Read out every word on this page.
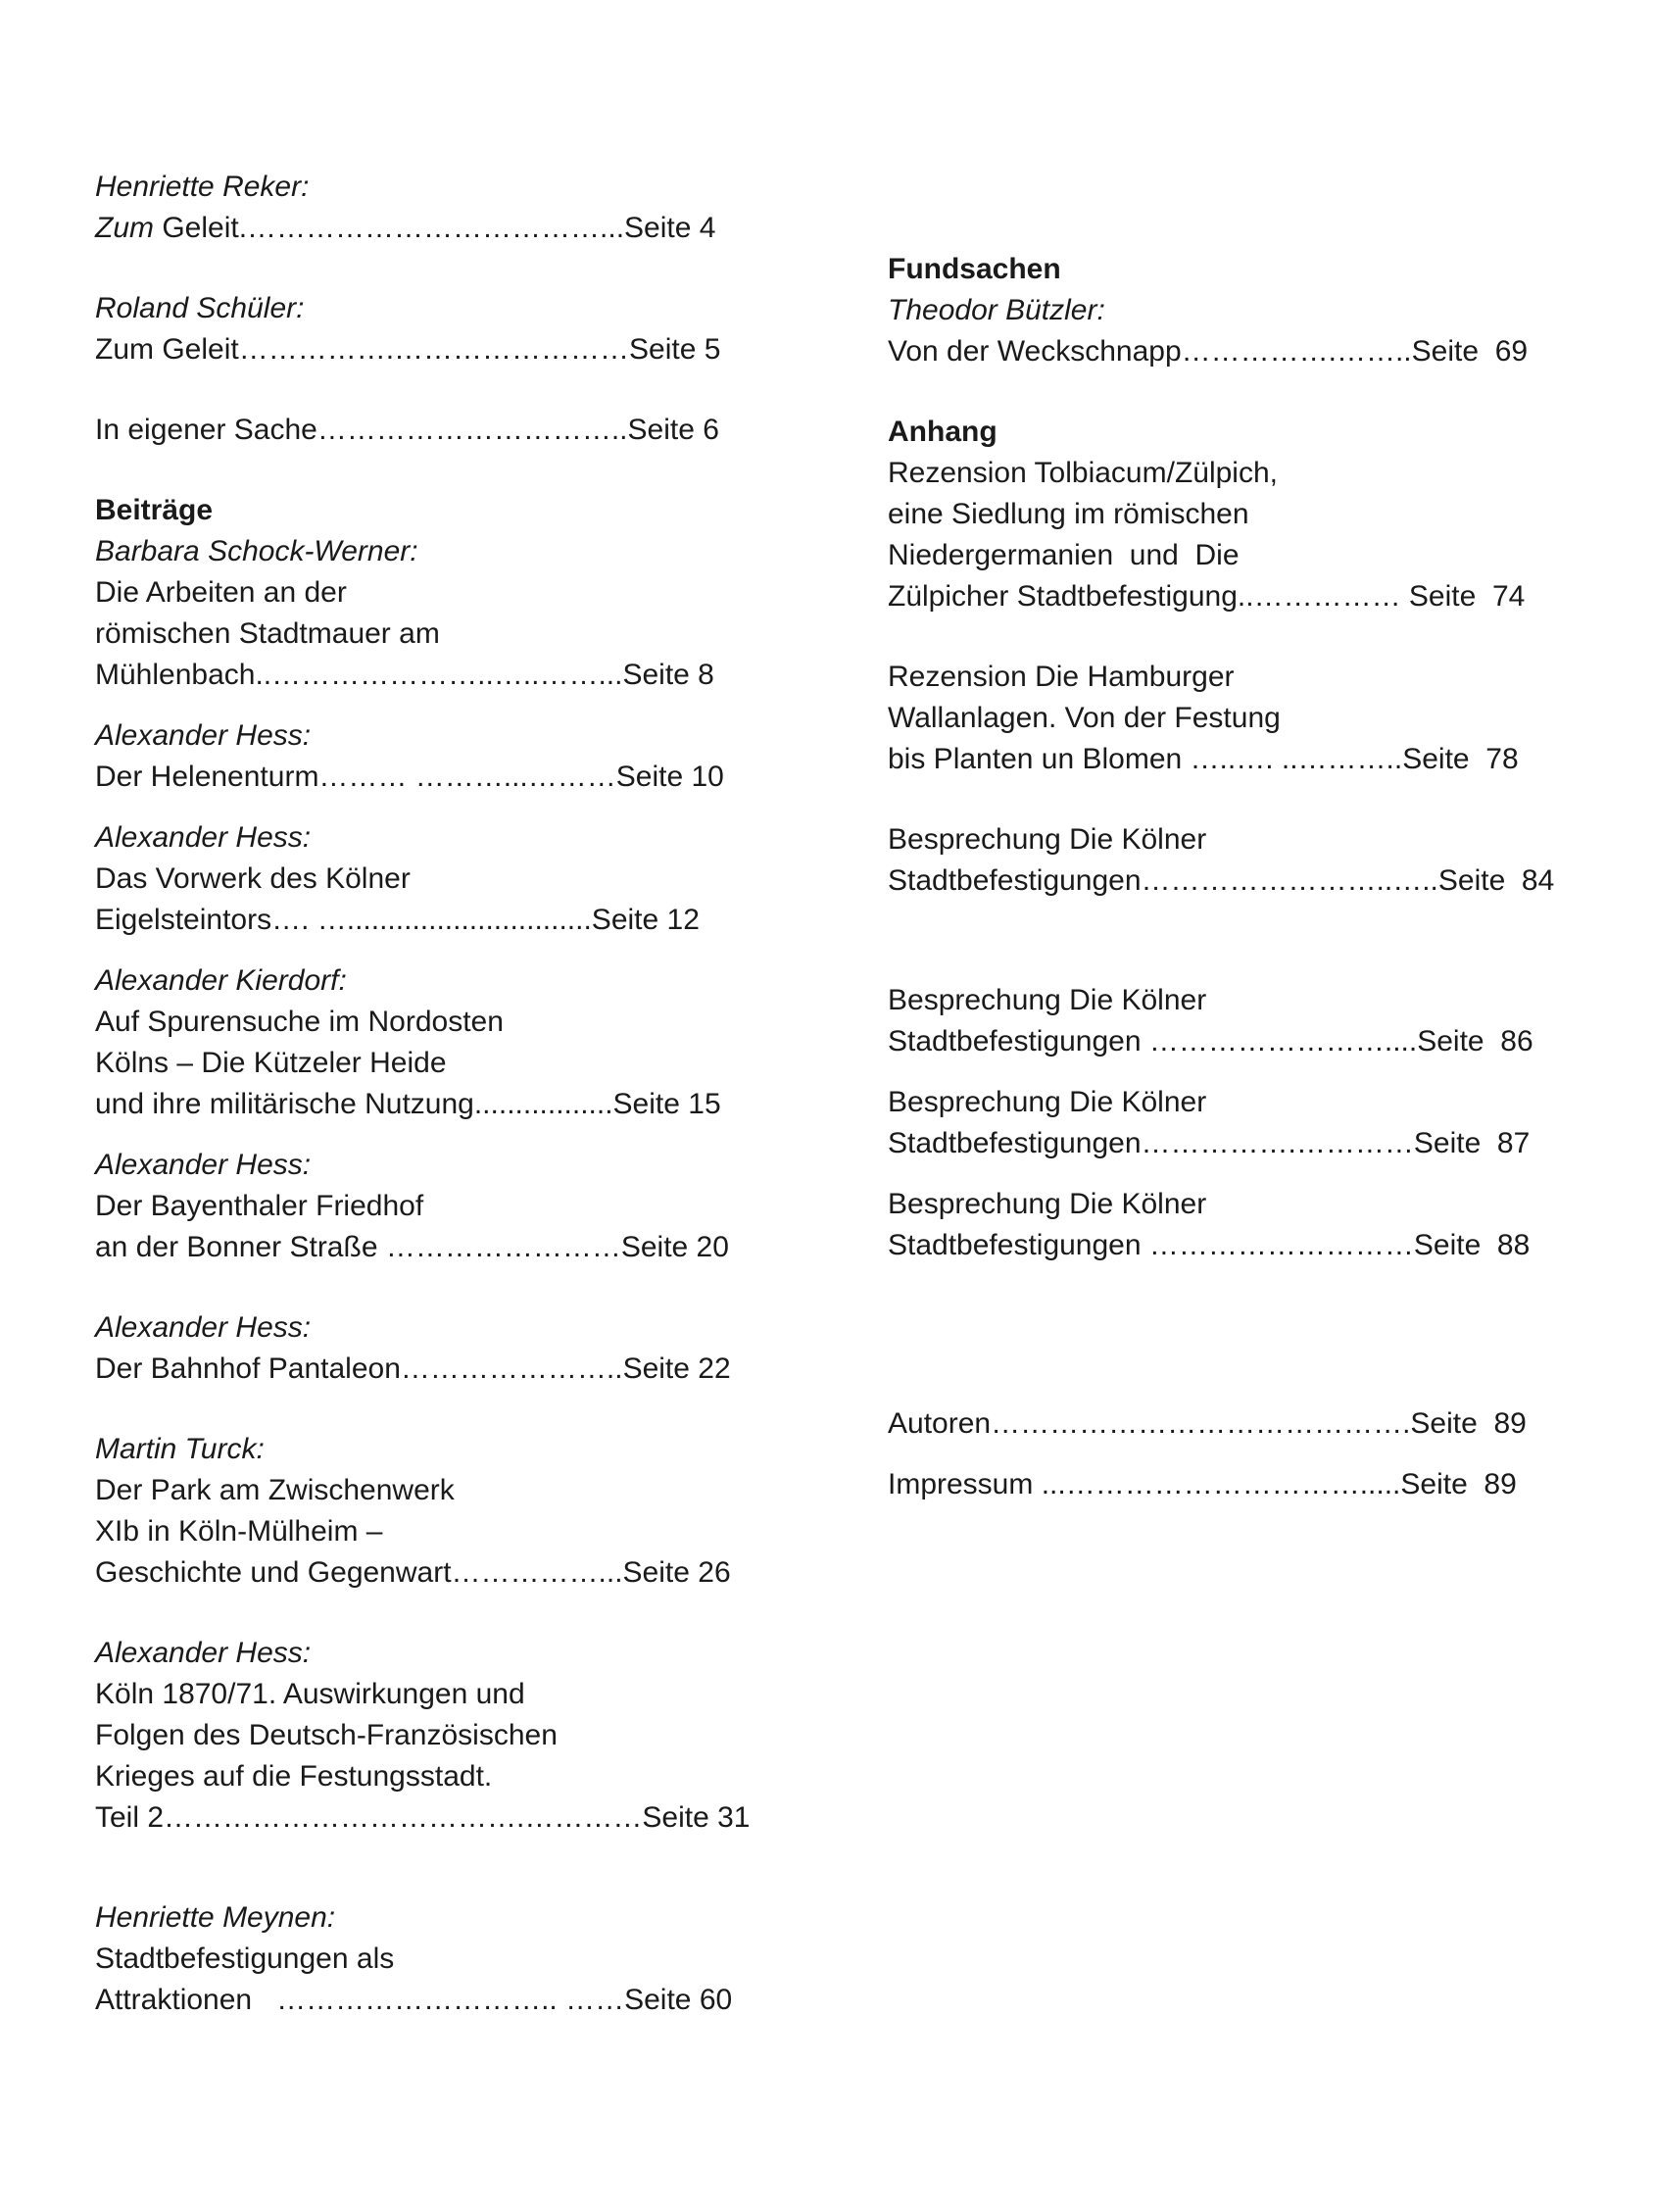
Henriette Reker:
Zum Geleit.………………………………...Seite 4
Roland Schüler:
Zum Geleit…………….……………………Seite 5
In eigener Sache…………………………..Seite 6
Beiträge
Barbara Schock-Werner:
Die Arbeiten an der
römischen Stadtmauer am
Mühlenbach..…………………..…..……...Seite 8
Alexander Hess:
Der Helenenturm……… ………...………Seite 10
Alexander Hess:
Das Vorwerk des Kölner
Eigelsteintors…. …..............................Seite 12
Alexander Kierdorf:
Auf Spurensuche im Nordosten
Kölns – Die Kützeler Heide
und ihre militärische Nutzung.................Seite 15
Alexander Hess:
Der Bayenthaler Friedhof
an der Bonner Straße ……………………Seite 20
Alexander Hess:
Der Bahnhof Pantaleon…………………..Seite 22
Martin Turck:
Der Park am Zwischenwerk
XIb in Köln-Mülheim –
Geschichte und Gegenwart……………...Seite 26
Alexander Hess:
Köln 1870/71. Auswirkungen und
Folgen des Deutsch-Französischen
Krieges auf die Festungsstadt.
Teil 2……………………………….…………Seite 31
Henriette Meynen:
Stadtbefestigungen als
Attraktionen   ……………………….. ……Seite 60
Fundsachen
Theodor Bützler:
Von der Weckschnapp…………….……..Seite  69
Anhang
Rezension Tolbiacum/Zülpich,
eine Siedlung im römischen
Niedergermanien  und  Die
Zülpicher Stadtbefestigung..…………… Seite  74
Rezension Die Hamburger
Wallanlagen. Von der Festung
bis Planten un Blomen …..…. ..………..Seite  78
Besprechung Die Kölner
Stadtbefestigungen……………………..…..Seite  84
Besprechung Die Kölner
Stadtbefestigungen ……………………....Seite  86
Besprechung Die Kölner
Stadtbefestigungen…………….…………Seite  87
Besprechung Die Kölner
Stadtbefestigungen ………………………Seite  88
Autoren…………………………………….Seite  89
Impressum ...………………………….....Seite  89
